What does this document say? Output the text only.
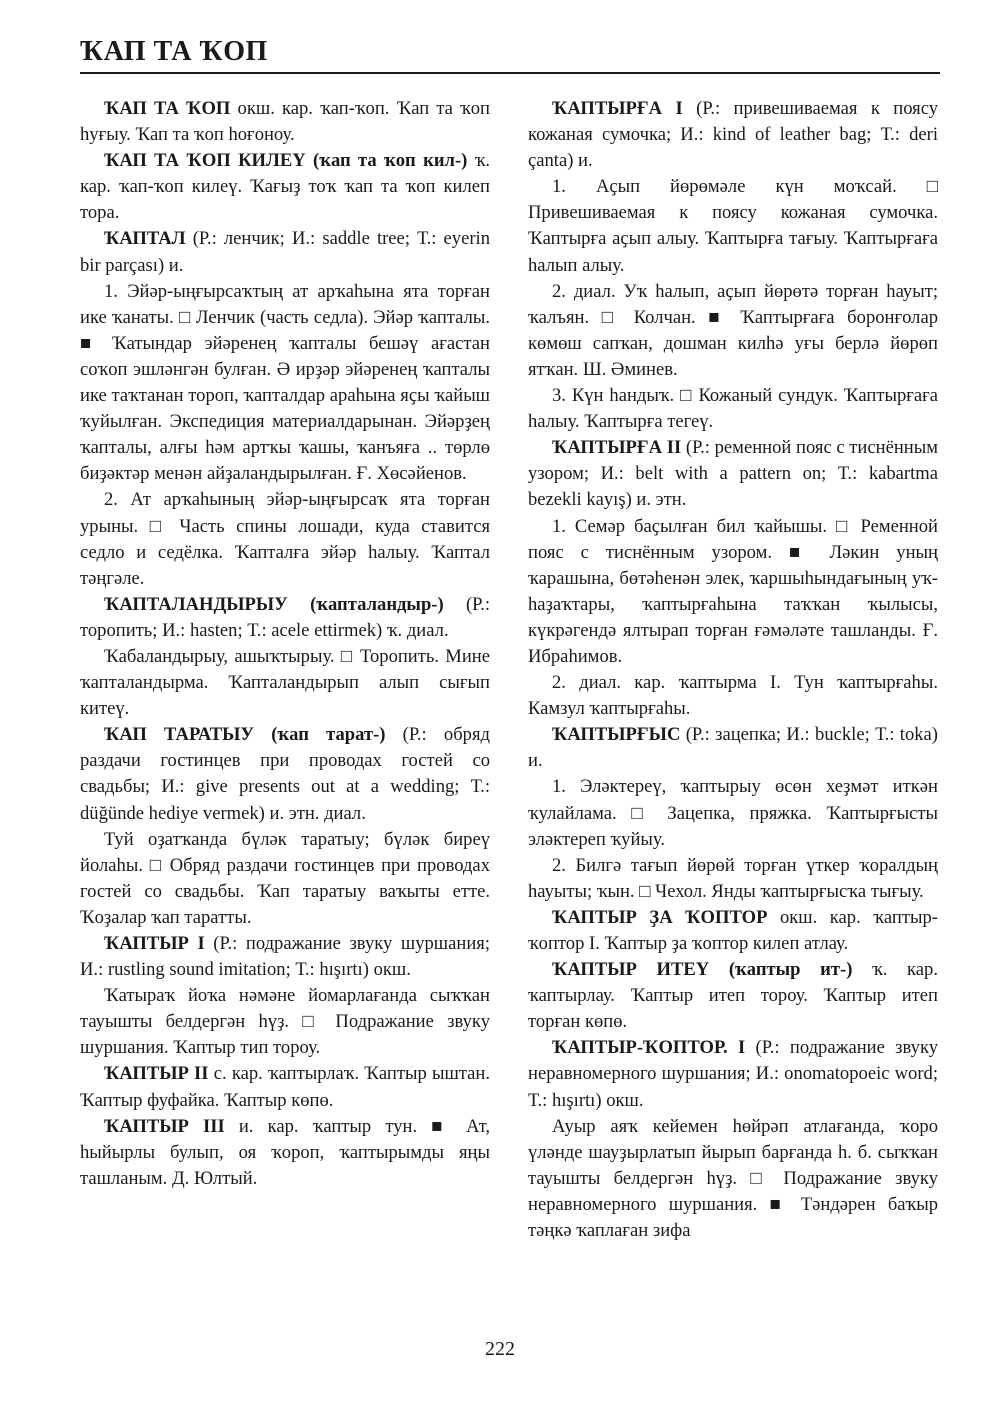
ҠАП ТА ҠОП

ҠАП ТА ҠОП окш. кар. ҡап-ҡоп. Ҡап та ҡоп һуғыу. Ҡап та ҡоп һоғоноу.

ҠАП ТА ҠОП КИЛЕҮ (ҡап та ҡоп кил-) ҡ. кар. ҡап-ҡоп килеү. Ҡағыҙ тоҡ ҡап та ҡоп килеп тора.

ҠАПТАЛ (Р.: ленчик; И.: saddle tree; Т.: eyerin bir parçası) и.

1. Эйәр-ыңғырсаҡтың ат арҡаһына ята торған ике ҡанаты. □ Ленчик (часть седла). Эйәр ҡапталы. ■ Ҡатындар эйәренең ҡапталы бешәү ағастан соҡоп эшләнгән булған. Ә ирҙәр эйәренең ҡапталы ике таҡтанан тороп, ҡапталдар араһына яҫы ҡайыш ҡуйылған. Экспедиция материалдарынан. Эйәрҙең ҡапталы, алғы һәм артҡы ҡашы, ҡанъяға .. төрлө биҙәктәр менән айҙаландырылған. Ғ. Хөсәйенов.

2. Ат арҡаһының эйәр-ыңғырсаҡ ята торған урыны. □ Часть спины лошади, куда ставится седло и седёлка. Ҡапталға эйәр һалыу. Ҡаптал тәңгәле.

ҠАПТАЛАНДЫРЫУ (ҡапталандыр-) (Р.: торопить; И.: hasten; Т.: acele ettirmek) ҡ. диал.

Ҡабаландырыу, ашыҡтырыу. □ Торопить. Мине ҡапталандырма. Ҡапталандырып алып сығып китеү.

ҠАП ТАРАТЫУ (ҡап тарат-) (Р.: обряд раздачи гостинцев при проводах гостей со свадьбы; И.: give presents out at a wedding; Т.: düğünde hediye vermek) и. этн. диал.

Туй оҙатҡанда бүләк таратыу; бүләк биреү йолаһы. □ Обряд раздачи гостинцев при проводах гостей со свадьбы. Ҡап таратыу ваҡыты етте. Ҡоҙалар ҡап таратты.

ҠАПТЫР I (Р.: подражание звуку шуршания; И.: rustling sound imitation; Т.: hışırtı) окш.

Ҡатыраҡ йоҡа нәмәне йомарлағанда сыҡҡан тауышты белдергән һүҙ. □ Подражание звуку шуршания. Ҡаптыр тип тороу.

ҠАПТЫР II с. кар. ҡаптырлаҡ. Ҡаптыр ыштан. Ҡаптыр фуфайка. Ҡаптыр көпө.

ҠАПТЫР III и. кар. ҡаптыр тун. ■ Ат, һыйырлы булып, оя ҡороп, ҡаптырымды яңы ташланым. Д. Юлтый.

ҠАПТЫРҒА I (Р.: привешиваемая к поясу кожаная сумочка; И.: kind of leather bag; Т.: deri çanta) и.

1. Аҫып йөрөмәле күн моҡсай. □ Привешиваемая к поясу кожаная сумочка. Ҡаптырға аҫып алыу. Ҡаптырға тағыу. Ҡаптырғаға һалып алыу.

2. диал. Уҡ һалып, аҫып йөрөтә торған һауыт; ҡалъян. □ Колчан. ■ Ҡаптырғаға боронғолар көмөш сапҡан, дошман килһә уғы берлә йөрөп ятҡан. Ш. Әминев.

3. Күн һандыҡ. □ Кожаный сундук. Ҡаптырғаға һалыу. Ҡаптырға тегеү.

ҠАПТЫРҒА II (Р.: ременной пояс с тиснённым узором; И.: belt with a pattern on; Т.: kabartma bezekli kayış) и. этн.

1. Семәр баҫылған бил ҡайышы. □ Ременной пояс с тиснённым узором. ■ Ләкин уның ҡарашына, бөтәһенән элек, ҡаршыһындағының уҡ-һаҙаҡтары, ҡаптырғаһына таҡҡан ҡылысы, күкрәгендә ялтырап торған ғәмәләте ташланды. Ғ. Ибраһимов.

2. диал. кар. ҡаптырма I. Тун ҡаптырғаһы. Камзул ҡаптырғаһы.

ҠАПТЫРҒЫС (Р.: зацепка; И.: buckle; Т.: toka) и.

1. Эләктереү, ҡаптырыу өсөн хеҙмәт иткән ҡулайлама. □ Зацепка, пряжка. Ҡаптырғысты эләктереп ҡуйыу.

2. Билгә тағып йөрөй торған үткер ҡоралдың һауыты; ҡын. □ Чехол. Янды ҡаптырғысҡа тығыу.

ҠАПТЫР ҘА ҠОПТОР окш. кар. ҡаптыр-ҡоптор I. Ҡаптыр ҙа ҡоптор килеп атлау.

ҠАПТЫР ИТЕҮ (ҡаптыр ит-) ҡ. кар. ҡаптырлау. Ҡаптыр итеп тороу. Ҡаптыр итеп торған көпө.

ҠАПТЫР-ҠОПТОР. I (Р.: подражание звуку неравномерного шуршания; И.: onomatopoeic word; Т.: hışırtı) окш.

Ауыр аяҡ кейемен һөйрәп атлағанда, ҡоро үләнде шауҙырлатып йырып барғанда һ. б. сыҡҡан тауышты белдергән һүҙ. □ Подражание звуку неравномерного шуршания. ■ Тәндәрен баҡыр тәңкә ҡаплаған зифа

222
